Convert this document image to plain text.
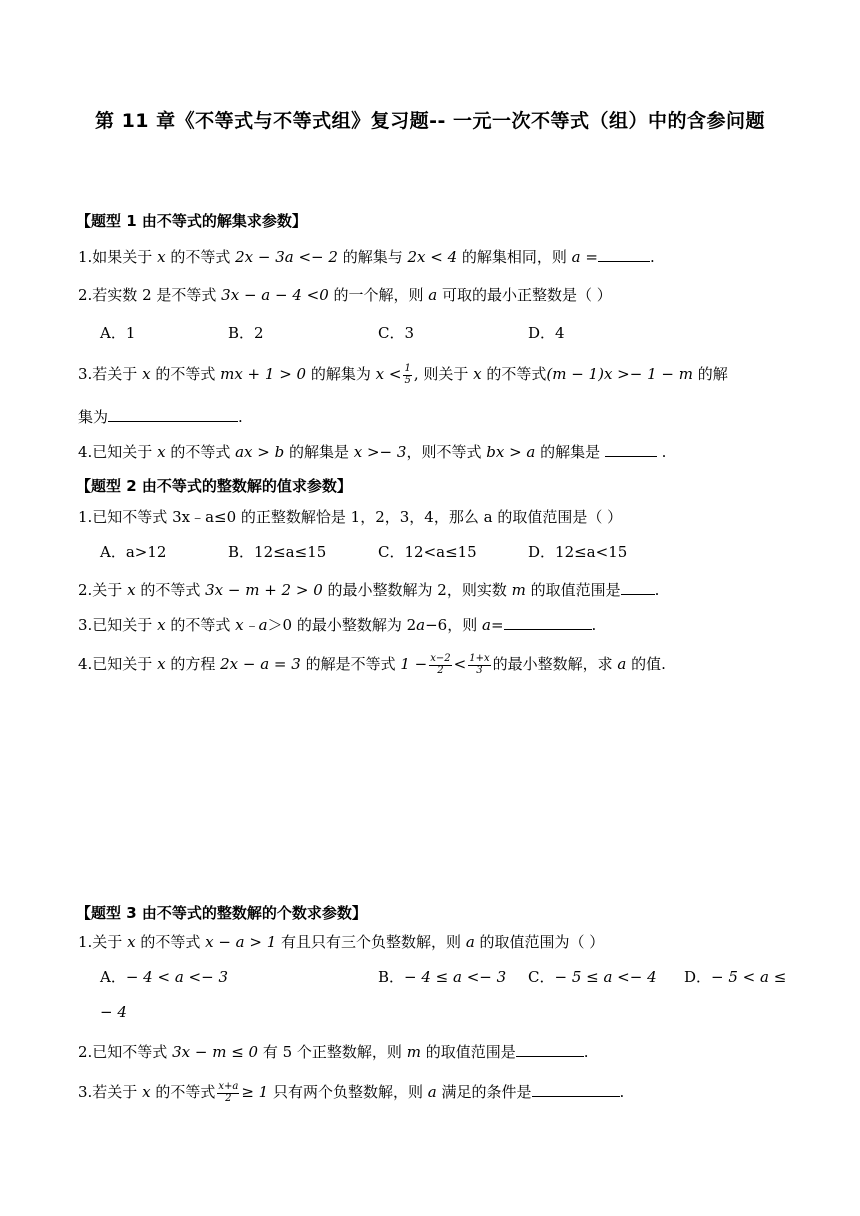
第 11 章《不等式与不等式组》复习题-- 一元一次不等式（组）中的含参问题
【题型 1 由不等式的解集求参数】
1.如果关于 x 的不等式 2x − 3a <− 2 的解集与 2x < 4 的解集相同，则 a =	.
2.若实数 2 是不等式 3x − a − 4 <0 的一个解，则 a 可取的最小正整数是（ ）
A．1	B．2	C．3	D．4
3.若关于 x 的不等式 mx + 1 > 0 的解集为 $x < \frac{1}{5}$ , 则关于 x 的不等式(m − 1)x >− 1 − m 的解
集为	.
4.已知关于 x 的不等式 ax > b 的解集是 x >− 3，则不等式 bx > a 的解集是	.
【题型 2 由不等式的整数解的值求参数】
1.已知不等式 3x﹣a≤0 的正整数解恰是 1，2，3，4，那么 a 的取值范围是（ ）
A．a>12	B．12≤a≤15	C．12<a≤15	D．12≤a<15
2.关于 x 的不等式 3x − m + 2 > 0 的最小整数解为 2，则实数 m 的取值范围是 .
3.已知关于 x 的不等式 x﹣a＞0 的最小整数解为 2a−6，则 a=	.
4.已知关于 x 的方程 2x − a = 3 的解是不等式 $1 - \frac{x-2}{2} < \frac{1+x}{3}$ 的最小整数解，求 a 的值.
【题型 3 由不等式的整数解的个数求参数】
1.关于 x 的不等式 x − a > 1 有且只有三个负整数解，则 a 的取值范围为（ ）
A．− 4 < a <− 3	B．− 4 ≤ a <− 3 C．− 5 ≤ a <− 4 D．− 5 < a ≤
− 4
2.已知不等式 3x − m ≤ 0 有 5 个正整数解，则 m 的取值范围是	.
3.若关于 x 的不等式 $\frac{x+a}{2} \ge 1$ 只有两个负整数解，则 a 满足的条件是	.
